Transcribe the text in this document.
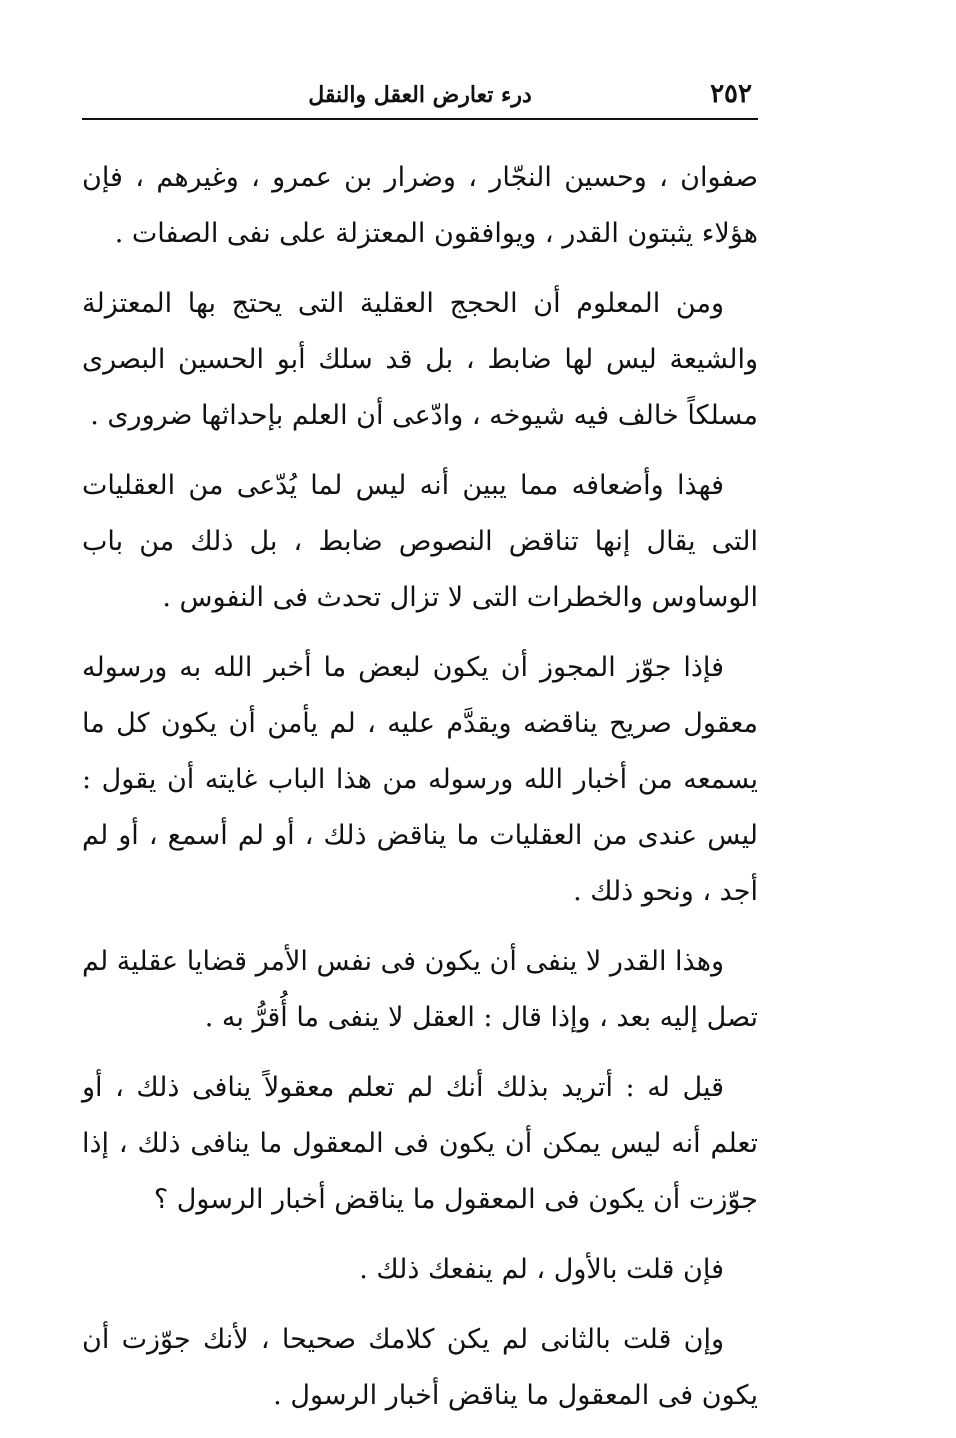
٢٥٢
درء تعارض العقل والنقل

صفوان ، وحسين النجّار ، وضرار بن عمرو ، وغيرهم ، فإن هؤلاء يثبتون القدر ، ويوافقون المعتزلة على نفى الصفات .

ومن المعلوم أن الحجج العقلية التى يحتج بها المعتزلة والشيعة ليس لها ضابط ، بل قد سلك أبو الحسين البصرى مسلكاً خالف فيه شيوخه ، وادّعى أن العلم بإحداثها ضرورى .

فهذا وأضعافه مما يبين أنه ليس لما يُدّعى من العقليات التى يقال إنها تناقض النصوص ضابط ، بل ذلك من باب الوساوس والخطرات التى لا تزال تحدث فى النفوس .

فإذا جوّز المجوز أن يكون لبعض ما أخبر الله به ورسوله معقول صريح يناقضه ويقدَّم عليه ، لم يأمن أن يكون كل ما يسمعه من أخبار الله ورسوله من هذا الباب غايته أن يقول : ليس عندى من العقليات ما يناقض ذلك ، أو لم أسمع ، أو لم أجد ، ونحو ذلك .

وهذا القدر لا ينفى أن يكون فى نفس الأمر قضايا عقلية لم تصل إليه بعد ، وإذا قال : العقل لا ينفى ما أُقرُّ به .

قيل له : أتريد بذلك أنك لم تعلم معقولاً ينافى ذلك ، أو تعلم أنه ليس يمكن أن يكون فى المعقول ما ينافى ذلك ، إذا جوّزت أن يكون فى المعقول ما يناقض أخبار الرسول ؟

فإن قلت بالأول ، لم ينفعك ذلك .

وإن قلت بالثانى لم يكن كلامك صحيحا ، لأنك جوّزت أن يكون فى المعقول ما يناقض أخبار الرسول .
